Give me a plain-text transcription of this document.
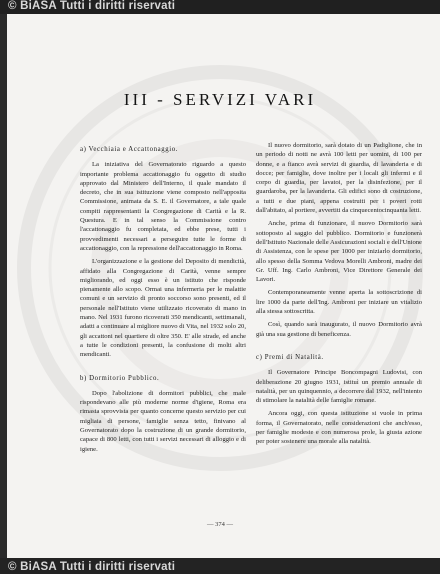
© BiASA Tutti i diritti riservati
III - SERVIZI VARI
a) Vecchiaia e Accattonaggio.

La iniziativa del Governatorato riguardo a questo importante problema accattonaggio fu oggetto di studio approvato dal Ministero dell'Interno, il quale mandato il decreto, che in sua istituzione viene composto nell'apposita Commissione, animata da S. E. il Governatore, a tale quale compiti rappresentanti la Congregazione di Carità e la R. Questura. E in tal senso la Commissione contro l'accattonaggio fu completata, ed ebbe prese, tutti i provvedimenti necessari a perseguire tutte le forme di accattonaggio, con la repressione dell'accattonaggio in Roma.

L'organizzazione e la gestione del Deposito di mendicità, affidato alla Congregazione di Carità, venne sempre migliorando, ed oggi esso è un istituto che risponde pienamente allo scopo. Ormai una infermeria per le malattie comuni e un servizio di pronto soccorso sono presenti, ed il personale nell'Istituto viene utilizzato ricoverato di mano in mano. Nel 1931 furono ricoverati 350 mendicanti, settimanali, adatti a continuare al migliore nuovo di Vita, nel 1932 solo 20, gli accattoni nel quartiere di oltre 350. E' alle strade, ed anche a tutte le condizioni presenti, la confusione di molti altri mendicanti.

b) Dormitorio Pubblico.

Dopo l'abolizione di dormitori pubblici, che male rispondevano alle più moderne norme d'igiene, Roma era rimasta sprovvista per quanto concerne questo servizio per cui migliaia di persone, famiglie senza tetto, finivano al Governatorato dopo la costruzione di un grande dormitorio, capace di 800 letti, con tutti i servizi necessari di alloggio e di igiene.

Il nuovo dormitorio, sarà dotato di un Padiglione, che in un periodo di notti ne avrà 100 letti per uomini, di 100 per donne, e a fianco avrà servizi di guardia, di lavanderia e di docce; per famiglie, dove inoltre per i locali gli infermi e il corpo di guardia, per lavatoi, per la disinfezione, per il guardaroba, per la lavanderia. Gli edifici sono di costruzione, a tutti e due piani, appena costruiti per i poveri rotti dall'abitato, al portiere, avvertiti da cinquecentocinquanta letti.

Anche, prima di funzionare, il nuovo Dormitorio sarà sottoposto al saggio del pubblico. Dormitorio e funzionerà dell'Istituto Nazionale delle Assicurazioni sociali e dell'Unione di Assistenza, con le spese per 1000 per iniziarlo dormitorio, allo spesso della Somma Vedova Morelli Ambroni, madre dei Gr. Uff. Ing. Carlo Ambroni, Vice Direttore Generale dei Lavori.

Contemporaneamente venne aperta la sottoscrizione di lire 1000 da parte dell'Ing. Ambroni per iniziare un vitalizio alla stessa sottoscritta.

Così, quando sarà inaugurato, il nuovo Dormitorio avrà già una sua gestione di beneficenza.

c) Premi di Natalità.

Il Governatore Principe Boncompagni Ludovisi, con deliberazione 20 giugno 1931, istituì un premio annuale di natalità, per un quinquennio, a decorrere dal 1932, nell'intento di stimolare la natalità delle famiglie romane.

Ancora oggi, con questa istituzione si vuole in prima forma, il Governatorato, nelle considerazioni che anch'esso, per famiglie modeste e con numerosa prole, la giusta azione per poter sostenere una morale alla natalità.

— 374 —
© BiASA Tutti i diritti riservati
